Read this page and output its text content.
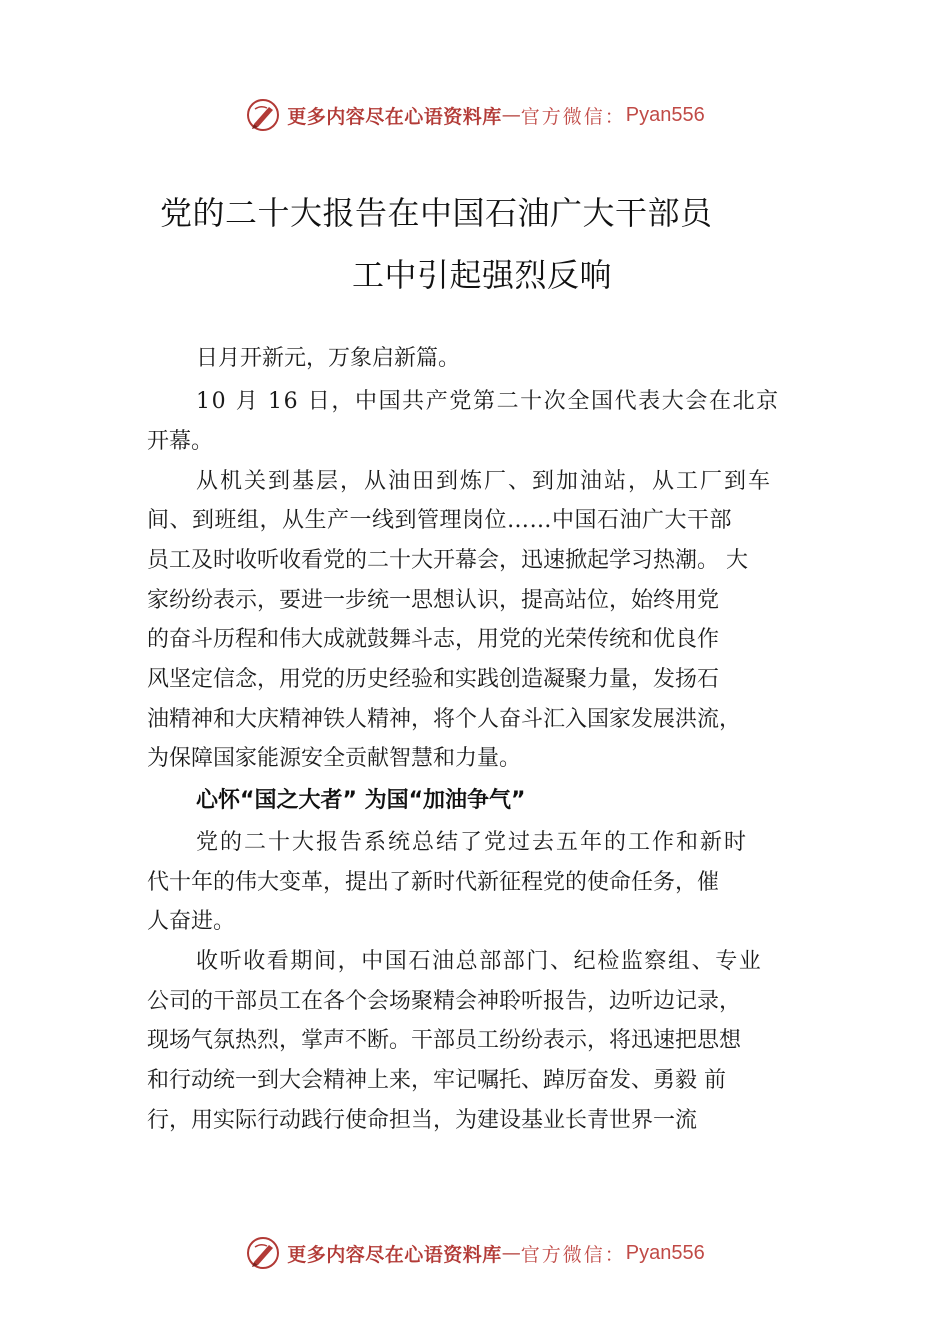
更多内容尽在心语资料库 — 官方微信： Pyan556
党的二十大报告在中国石油广大干部员
工中引起强烈反响
日月开新元，万象启新篇。
10 月 16 日，中国共产党第二十次全国代表大会在北京
开幕。
从机关到基层，从油田到炼厂、到加油站，从工厂到车
间、到班组，从生产一线到管理岗位……中国石油广大干部
员工及时收听收看党的二十大开幕会，迅速掀起学习热潮。 大
家纷纷表示，要进一步统一思想认识，提高站位，始终用党
的奋斗历程和伟大成就鼓舞斗志，用党的光荣传统和优良作
风坚定信念，用党的历史经验和实践创造凝聚力量，发扬石
油精神和大庆精神铁人精神，将个人奋斗汇入国家发展洪流，
为保障国家能源安全贡献智慧和力量。
心怀“国之大者” 为国“加油争气”
党的二十大报告系统总结了党过去五年的工作和新时
代十年的伟大变革，提出了新时代新征程党的使命任务，催
人奋进。
收听收看期间，中国石油总部部门、纪检监察组、专业
公司的干部员工在各个会场聚精会神聆听报告，边听边记录，
现场气氛热烈，掌声不断。干部员工纷纷表示，将迅速把思想
和行动统一到大会精神上来，牢记嘱托、踔厉奋发、勇毅 前
行，用实际行动践行使命担当，为建设基业长青世界一流
更多内容尽在心语资料库 — 官方微信： Pyan556
